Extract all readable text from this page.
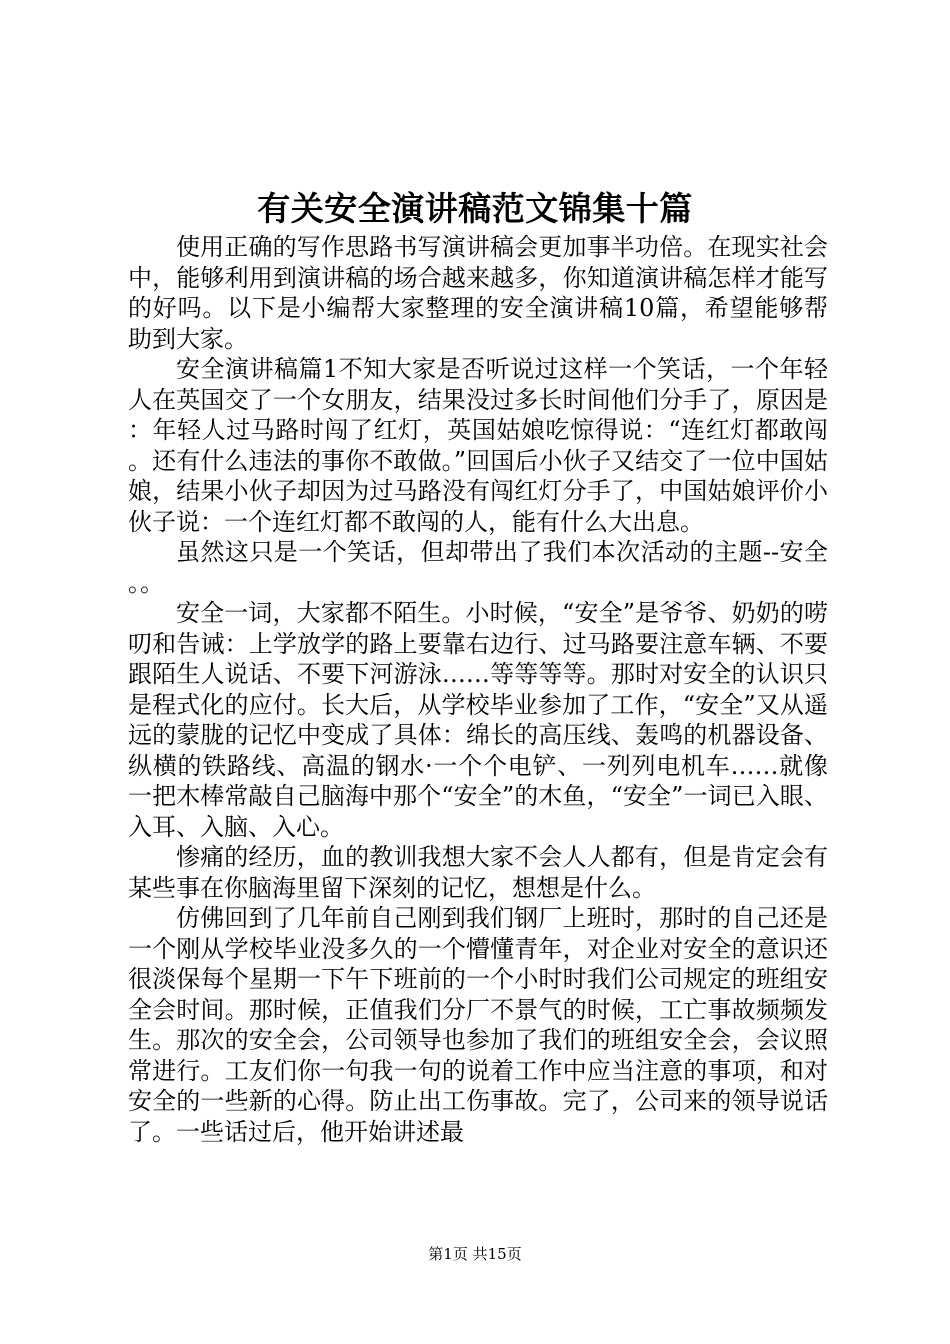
有关安全演讲稿范文锦集十篇

使用正确的写作思路书写演讲稿会更加事半功倍。在现实社会中，能够利用到演讲稿的场合越来越多，你知道演讲稿怎样才能写的好吗。以下是小编帮大家整理的安全演讲稿10篇，希望能够帮助到大家。

安全演讲稿篇1不知大家是否听说过这样一个笑话，一个年轻人在英国交了一个女朋友，结果没过多长时间他们分手了，原因是：年轻人过马路时闯了红灯，英国姑娘吃惊得说：“连红灯都敢闯。还有什么违法的事你不敢做。”回国后小伙子又结交了一位中国姑娘，结果小伙子却因为过马路没有闯红灯分手了，中国姑娘评价小伙子说：一个连红灯都不敢闯的人，能有什么大出息。

虽然这只是一个笑话，但却带出了我们本次活动的主题--安全。。

安全一词，大家都不陌生。小时候，“安全”是爷爷、奶奶的唠叨和告诫：上学放学的路上要靠右边行、过马路要注意车辆、不要跟陌生人说话、不要下河游泳……等等等等。那时对安全的认识只是程式化的应付。长大后，从学校毕业参加了工作，“安全”又从遥远的蒙胧的记忆中变成了具体：绵长的高压线、轰鸣的机器设备、纵横的铁路线、高温的钢水·一个个电铲、一列列电机车……就像一把木棒常敲自己脑海中那个“安全”的木鱼，“安全”一词已入眼、入耳、入脑、入心。

惨痛的经历，血的教训我想大家不会人人都有，但是肯定会有某些事在你脑海里留下深刻的记忆，想想是什么。

仿佛回到了几年前自己刚到我们钢厂上班时，那时的自己还是一个刚从学校毕业没多久的一个懵懂青年，对企业对安全的意识还很淡保每个星期一下午下班前的一个小时时我们公司规定的班组安全会时间。那时候，正值我们分厂不景气的时候，工亡事故频频发生。那次的安全会，公司领导也参加了我们的班组安全会，会议照常进行。工友们你一句我一句的说着工作中应当注意的事项，和对安全的一些新的心得。防止出工伤事故。完了，公司来的领导说话了。一些话过后，他开始讲述最

第1页 共15页
